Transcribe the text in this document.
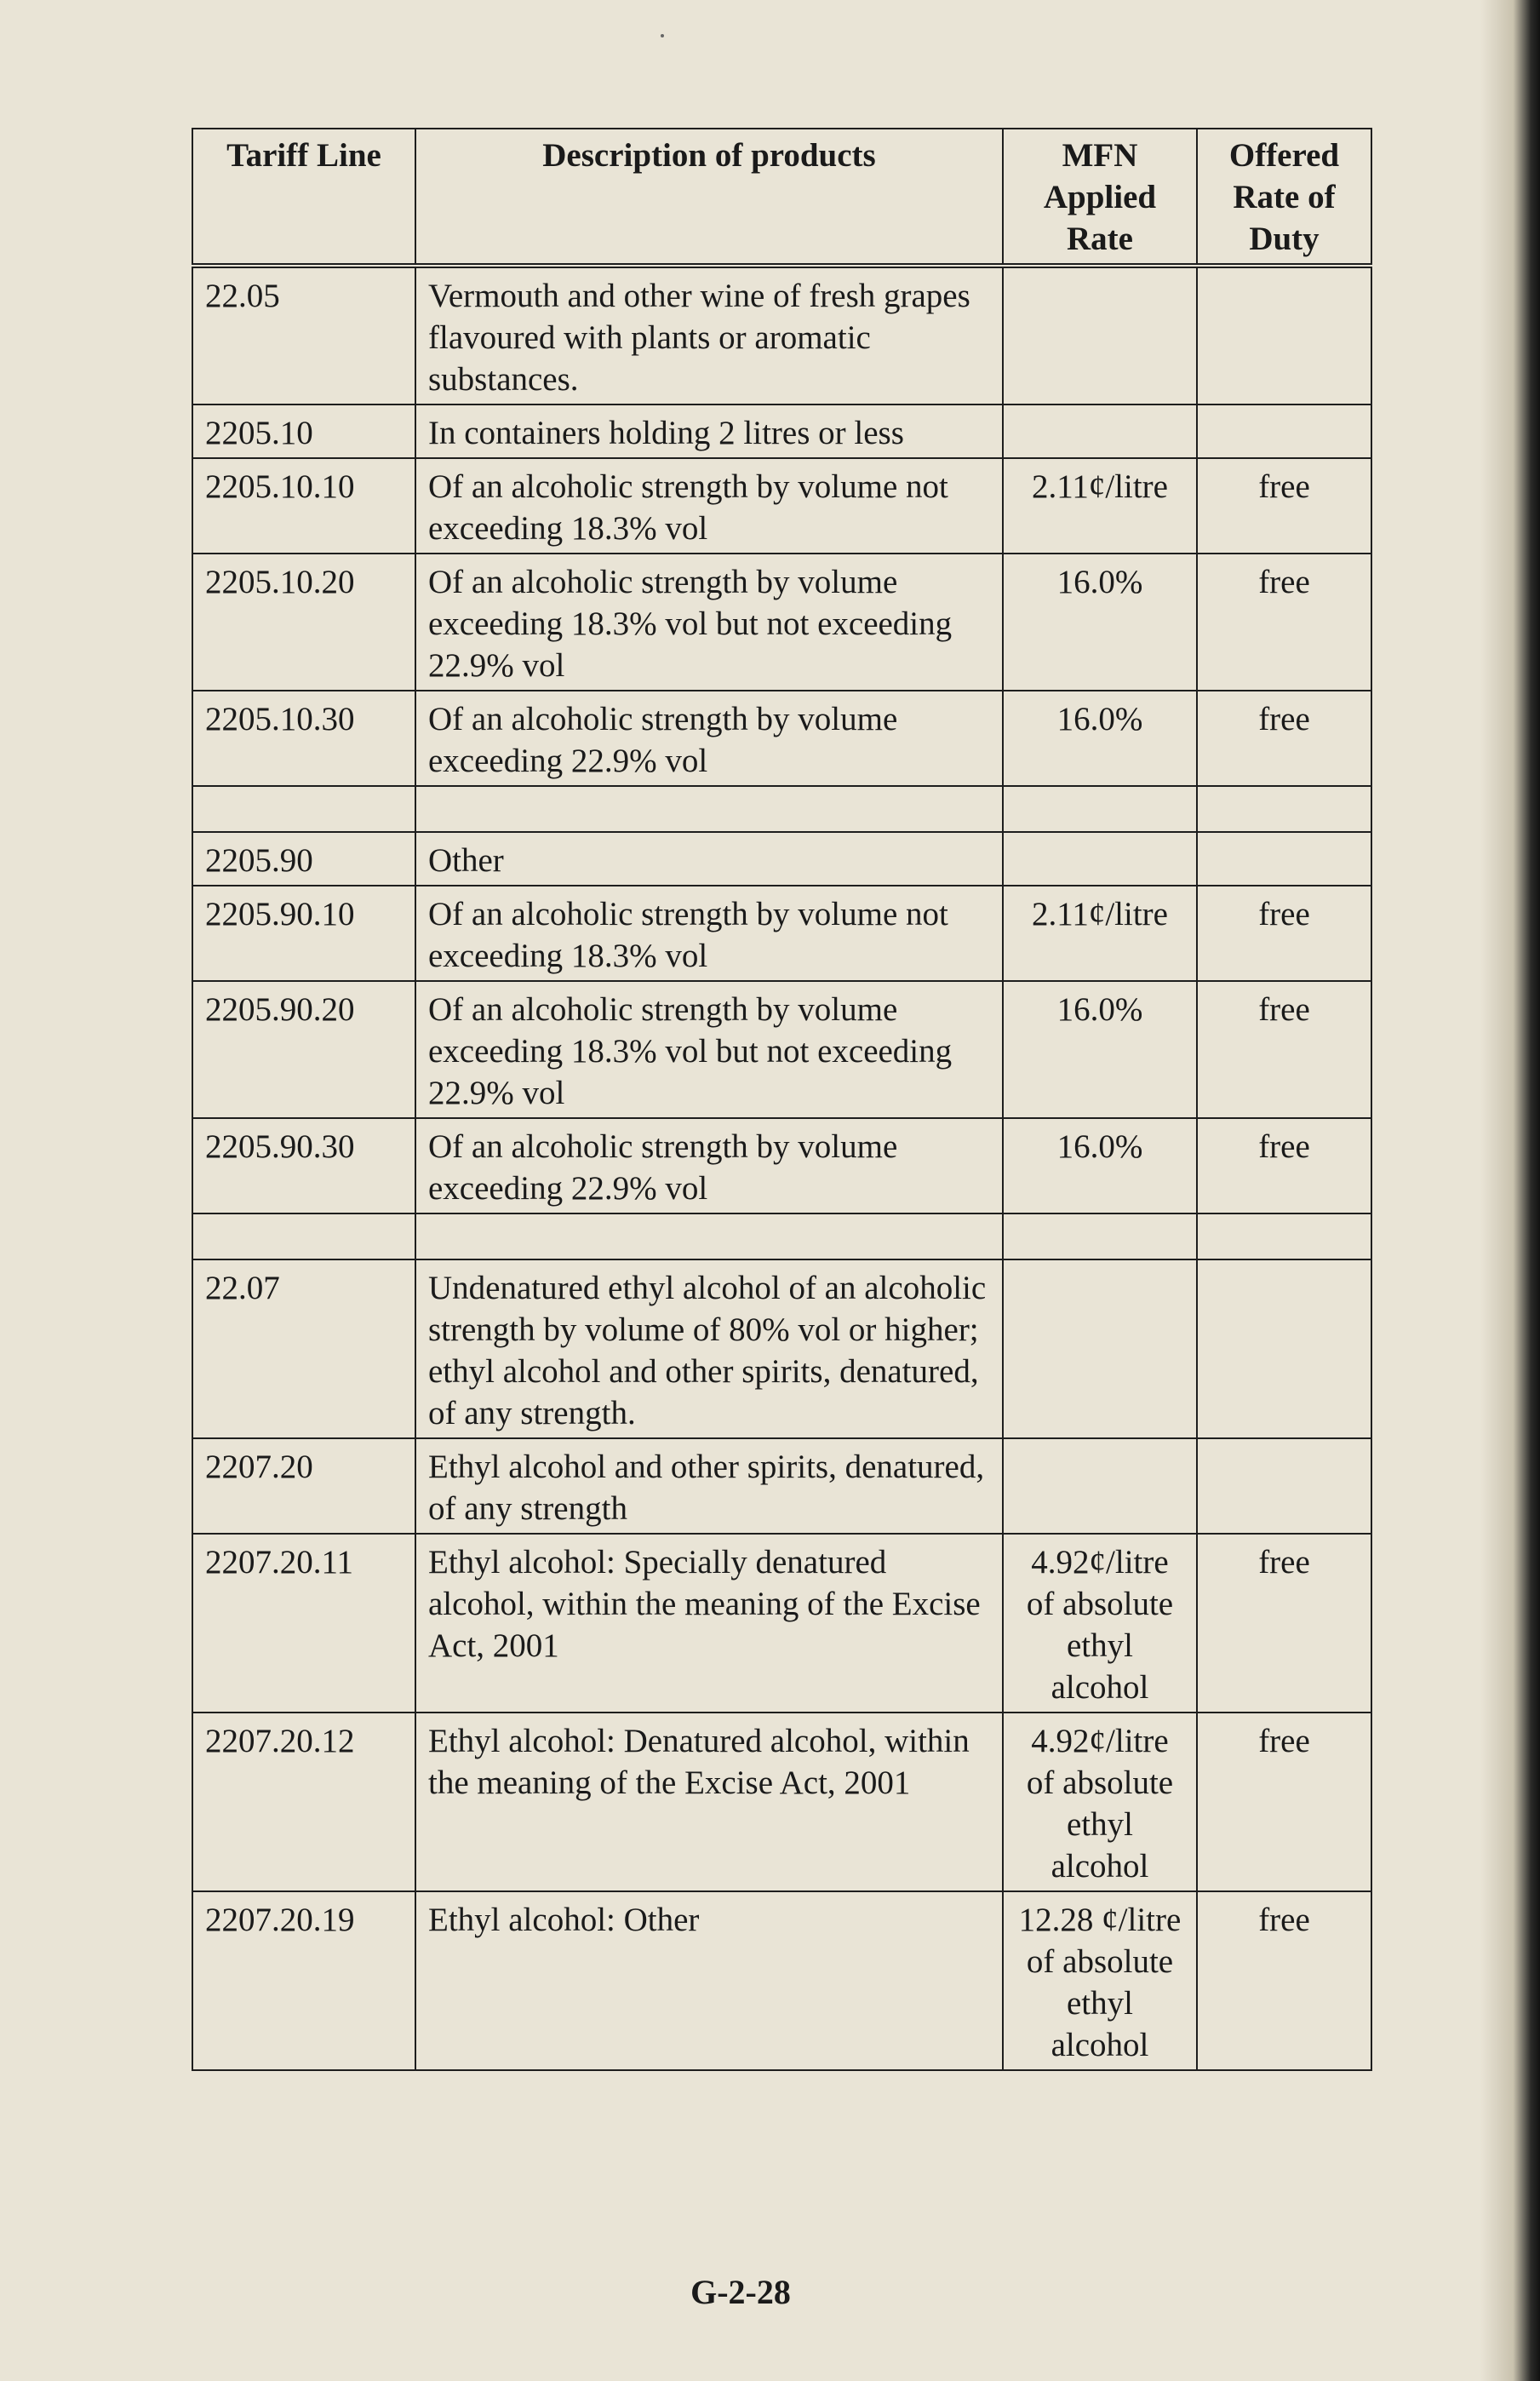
Tariff Line	Description of products	MFN Applied Rate	Offered Rate of Duty
22.05	Vermouth and other wine of fresh grapes flavoured with plants or aromatic substances.		
2205.10	In containers holding 2 litres or less		
2205.10.10	Of an alcoholic strength by volume not exceeding 18.3% vol	2.11¢/litre	free
2205.10.20	Of an alcoholic strength by volume exceeding 18.3% vol but not exceeding 22.9% vol	16.0%	free
2205.10.30	Of an alcoholic strength by volume exceeding 22.9% vol	16.0%	free

2205.90	Other		
2205.90.10	Of an alcoholic strength by volume not exceeding 18.3% vol	2.11¢/litre	free
2205.90.20	Of an alcoholic strength by volume exceeding 18.3% vol but not exceeding 22.9% vol	16.0%	free
2205.90.30	Of an alcoholic strength by volume exceeding 22.9% vol	16.0%	free

22.07	Undenatured ethyl alcohol of an alcoholic strength by volume of 80% vol or higher; ethyl alcohol and other spirits, denatured, of any strength.		
2207.20	Ethyl alcohol and other spirits, denatured, of any strength		
2207.20.11	Ethyl alcohol: Specially denatured alcohol, within the meaning of the Excise Act, 2001	4.92¢/litre of absolute ethyl alcohol	free
2207.20.12	Ethyl alcohol: Denatured alcohol, within the meaning of the Excise Act, 2001	4.92¢/litre of absolute ethyl alcohol	free
2207.20.19	Ethyl alcohol: Other	12.28 ¢/litre of absolute ethyl alcohol	free
G-2-28
